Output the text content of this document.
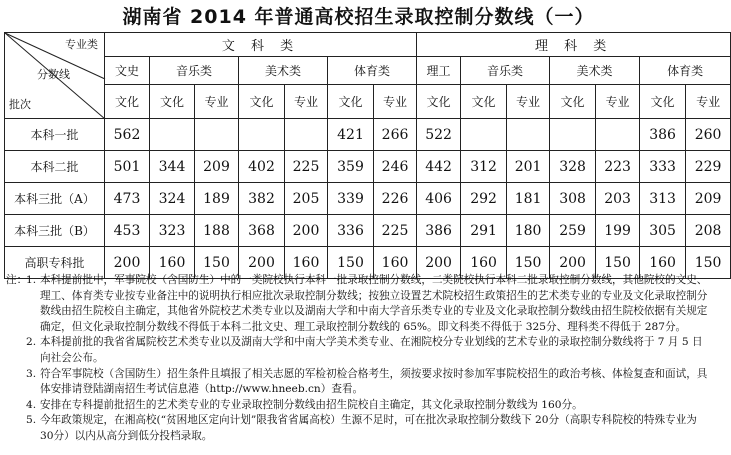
湖南省 2014 年普通高校招生录取控制分数线（一）
专业类
分数线
批次	文 科 类							理 科 类						
	文史	音乐类		美术类		体育类		理工	音乐类		美术类		体育类	
	文化	文化	专业	文化	专业	文化	专业	文化	文化	专业	文化	专业	文化	专业
本科一批	562					421	266	522					386	260
本科二批	501	344	209	402	225	359	246	442	312	201	328	223	333	229
本科三批（A）	473	324	189	382	205	339	226	406	292	181	308	203	313	209
本科三批（B）	453	323	188	368	200	336	225	386	291	180	259	199	305	208
高职专科批	200	160	150	200	160	150	160	200	160	150	200	150	160	150
注：
1. 本科提前批中，军事院校（含国防生）中的一类院校执行本科一批录取控制分数线，二类院校执行本科二批录取控制分数线，其他院校的文史、理工、体育类专业按专业备注中的说明执行相应批次录取控制分数线；按独立设置艺术院校招生政策招生的艺术类专业的专业及文化录取控制分数线由招生院校自主确定，其他省外院校艺术类专业以及湖南大学和中南大学音乐类专业的专业及文化录取控制分数线由招生院校依据有关规定确定，但文化录取控制分数线不得低于本科二批文史、理工录取控制分数线的 65%。即文科类不得低于 325分、理科类不得低于 287分。
2. 本科提前批的我省省属院校艺术类专业以及湖南大学和中南大学美术类专业、在湘院校分专业划线的艺术专业的录取控制分数线将于 7 月 5 日向社会公布。
3. 符合军事院校（含国防生）招生条件且填报了相关志愿的军检初检合格考生，须按要求按时参加军事院校招生的政治考核、体检复查和面试，具体安排请登陆湖南招生考试信息港（http://www.hneeb.cn）查看。
4. 安排在专科提前批招生的艺术类专业的专业录取控制分数线由招生院校自主确定，其文化录取控制分数线为 160分。
5. 今年政策规定，在湘高校(“贫困地区定向计划”限我省省属高校）生源不足时，可在批次录取控制分数线下 20分（高职专科院校的特殊专业为 30分）以内从高分到低分投档录取。
